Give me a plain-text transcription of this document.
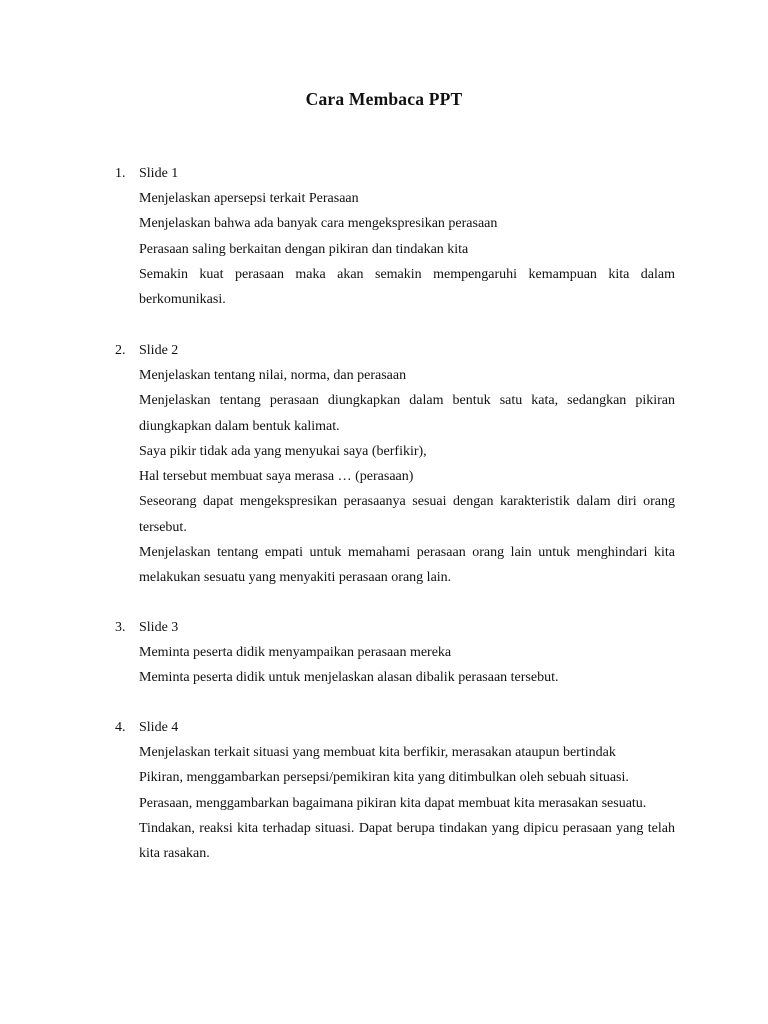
Cara Membaca PPT
1. Slide 1
Menjelaskan apersepsi terkait Perasaan
Menjelaskan bahwa ada banyak cara mengekspresikan perasaan
Perasaan saling berkaitan dengan pikiran dan tindakan kita
Semakin kuat perasaan maka akan semakin mempengaruhi kemampuan kita dalam berkomunikasi.
2. Slide 2
Menjelaskan tentang nilai, norma, dan perasaan
Menjelaskan tentang perasaan diungkapkan dalam bentuk satu kata, sedangkan pikiran diungkapkan dalam bentuk kalimat.
Saya pikir tidak ada yang menyukai saya (berfikir),
Hal tersebut membuat saya merasa … (perasaan)
Seseorang dapat mengekspresikan perasaanya sesuai dengan karakteristik dalam diri orang tersebut.
Menjelaskan tentang empati untuk memahami perasaan orang lain untuk menghindari kita melakukan sesuatu yang menyakiti perasaan orang lain.
3. Slide 3
Meminta peserta didik menyampaikan perasaan mereka
Meminta peserta didik untuk menjelaskan alasan dibalik perasaan tersebut.
4. Slide 4
Menjelaskan terkait situasi yang membuat kita berfikir, merasakan ataupun bertindak
Pikiran, menggambarkan persepsi/pemikiran kita yang ditimbulkan oleh sebuah situasi.
Perasaan, menggambarkan bagaimana pikiran kita dapat membuat kita merasakan sesuatu.
Tindakan, reaksi kita terhadap situasi. Dapat berupa tindakan yang dipicu perasaan yang telah kita rasakan.
